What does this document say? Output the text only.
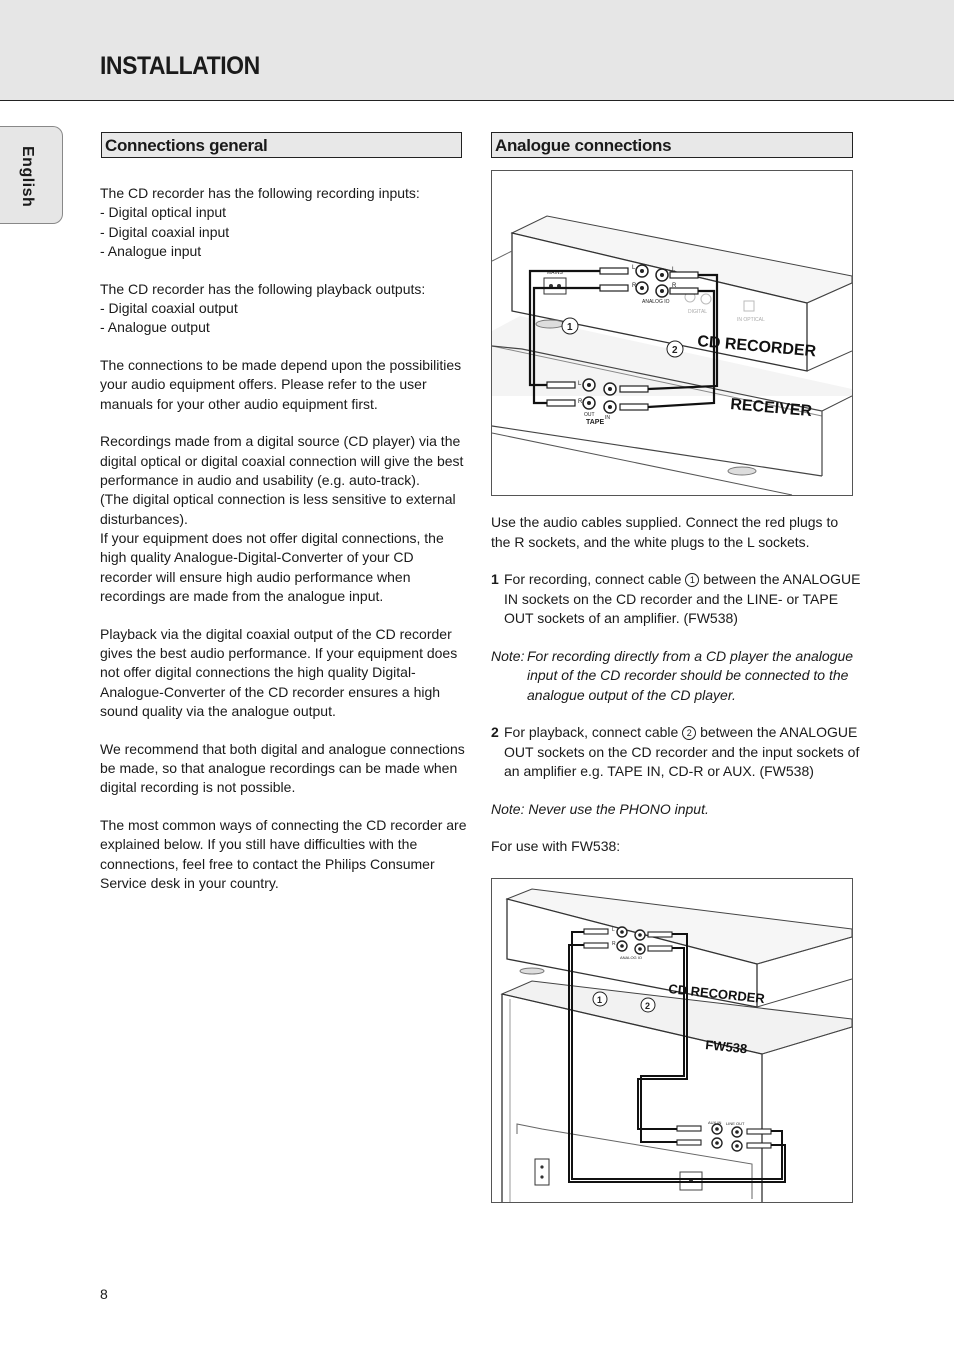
INSTALLATION
English
Connections general	Analogue connections

The CD recorder has the following recording inputs:
- Digital optical input
- Digital coaxial input
- Analogue input

The CD recorder has the following playback outputs:
- Digital coaxial output
- Analogue output

The connections to be made depend upon the possibilities your audio equipment offers. Please refer to the user manuals for your other audio equipment first.

Recordings made from a digital source (CD player) via the digital optical or digital coaxial connection will give the best performance in audio and usability (e.g. auto-track).
(The digital optical connection is less sensitive to external disturbances).
If your equipment does not offer digital connections, the high quality Analogue-Digital-Converter of your CD recorder will ensure high audio performance when recordings are made from the analogue input.

Playback via the digital coaxial output of the CD recorder gives the best audio performance. If your equipment does not offer digital connections the high quality Digital-Analogue-Converter of the CD recorder ensures a high sound quality via the analogue output.

We recommend that both digital and analogue connections be made, so that analogue recordings can be made when digital recording is not possible.

The most common ways of connecting the CD recorder are explained below. If you still have difficulties with the connections, feel free to contact the Philips Consumer Service desk in your country.

MAINS
L
R
ANALOG IO
DIGITAL
IN OPTICAL
L
R
L
R
OUT IN
TAPE
1
2 CD RECORDER
RECEIVER

Use the audio cables supplied. Connect the red plugs to the R sockets, and the white plugs to the L sockets.

1 For recording, connect cable 1 between the ANALOGUE IN sockets on the CD recorder and the LINE- or TAPE OUT sockets of an amplifier. (FW538)

Note: For recording directly from a CD player the analogue input of the CD recorder should be connected to the analogue output of the CD player.

2 For playback, connect cable 2 between the ANALOGUE OUT sockets on the CD recorder and the input sockets of an amplifier e.g. TAPE IN, CD-R or AUX. (FW538)

Note: Never use the PHONO input.

For use with FW538:

L
R
ANALOG IO
AUX IN LINE OUT
1
2 CD RECORDER
FW538
8
